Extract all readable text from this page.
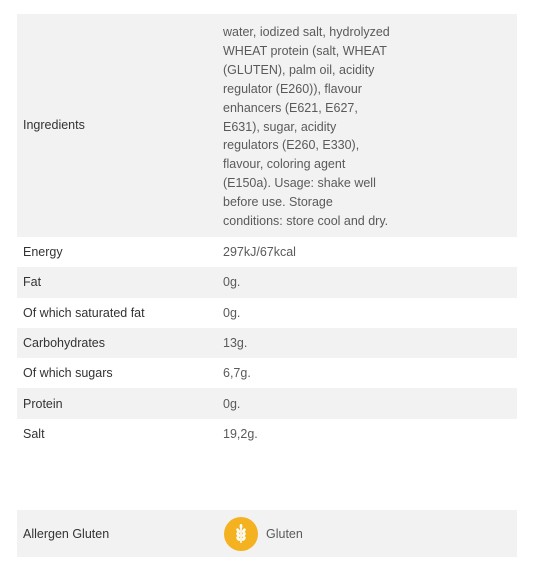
Ingredients	water, iodized salt, hydrolyzed WHEAT protein (salt, WHEAT (GLUTEN), palm oil, acidity regulator (E260)), flavour enhancers (E621, E627, E631), sugar, acidity regulators (E260, E330), flavour, coloring agent (E150a). Usage: shake well before use. Storage conditions: store cool and dry.

Energy	297kJ/67kcal
Fat	0g.
Of which saturated fat	0g.
Carbohydrates	13g.
Of which sugars	6,7g.
Protein	0g.
Salt	19,2g.
Allergen Gluten	Gluten
